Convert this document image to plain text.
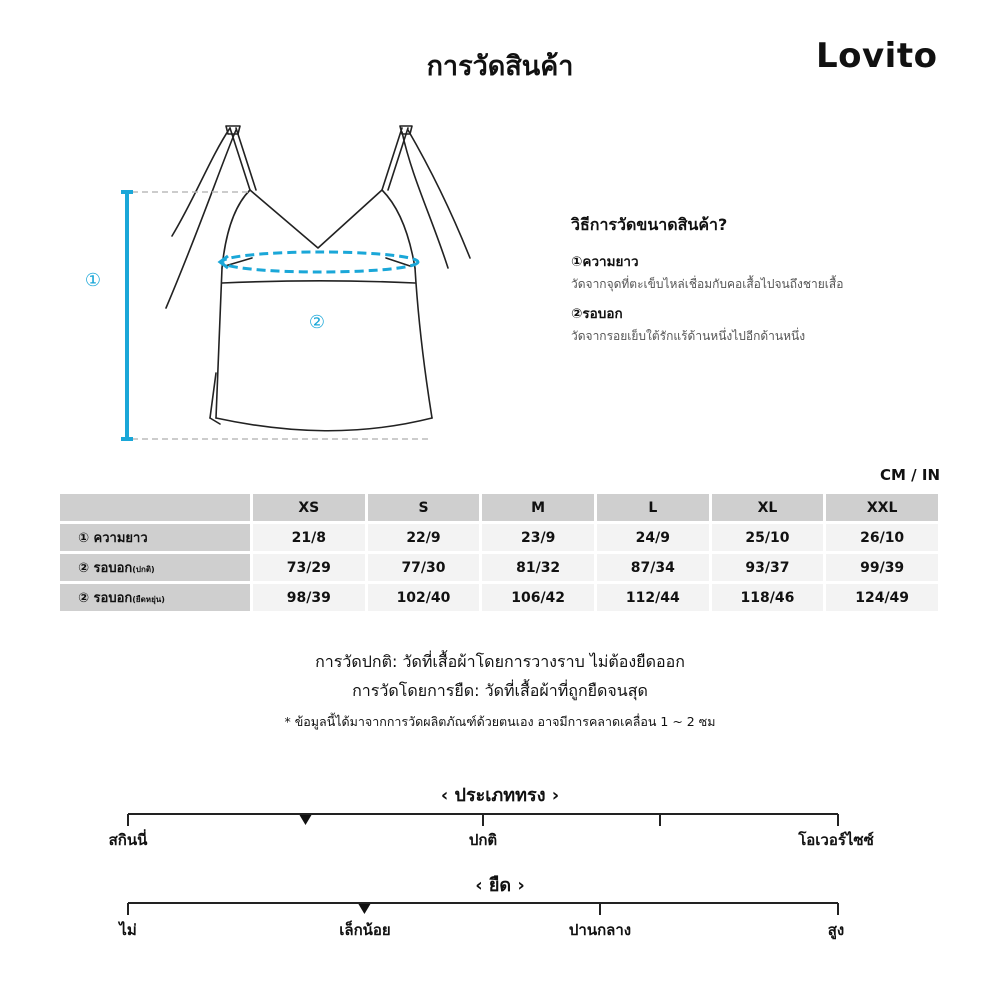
การวัดสินค้า	Lovito
①
②
วิธีการวัดขนาดสินค้า?
①ความยาว
วัดจากจุดที่ตะเข็บไหล่เชื่อมกับคอเสื้อไปจนถึงชายเสื้อ
②รอบอก
วัดจากรอยเย็บใต้รักแร้ด้านหนึ่งไปอีกด้านหนึ่ง
CM / IN
	XS	S	M	L	XL	XXL
① ความยาว	21/8	22/9	23/9	24/9	25/10	26/10
② รอบอก(ปกติ)	73/29	77/30	81/32	87/34	93/37	99/39
② รอบอก(ยืดหยุ่น)	98/39	102/40	106/42	112/44	118/46	124/49
การวัดปกติ: วัดที่เสื้อผ้าโดยการวางราบ ไม่ต้องยืดออก
การวัดโดยการยืด: วัดที่เสื้อผ้าที่ถูกยืดจนสุด
* ข้อมูลนี้ได้มาจากการวัดผลิตภัณฑ์ด้วยตนเอง อาจมีการคลาดเคลื่อน 1 ~ 2 ซม
‹ ประเภททรง ›
สกินนี่	ปกติ	โอเวอร์ไซซ์
‹ ยืด ›
ไม่	เล็กน้อย	ปานกลาง	สูง
